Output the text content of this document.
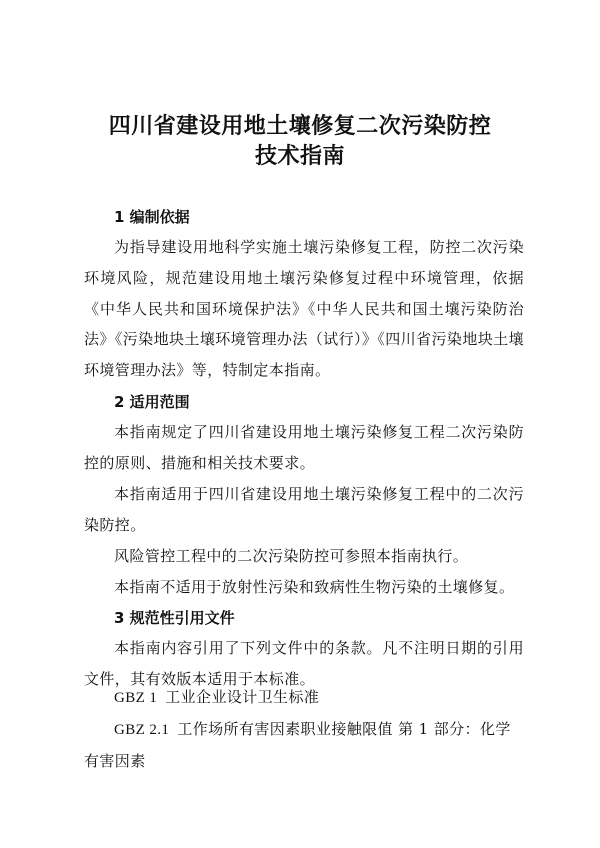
四川省建设用地土壤修复二次污染防控
技术指南
1 编制依据
为指导建设用地科学实施土壤污染修复工程，防控二次污染环境风险，规范建设用地土壤污染修复过程中环境管理，依据《中华人民共和国环境保护法》《中华人民共和国土壤污染防治法》《污染地块土壤环境管理办法（试行）》《四川省污染地块土壤环境管理办法》等，特制定本指南。
2 适用范围
本指南规定了四川省建设用地土壤污染修复工程二次污染防控的原则、措施和相关技术要求。
本指南适用于四川省建设用地土壤污染修复工程中的二次污染防控。
风险管控工程中的二次污染防控可参照本指南执行。
本指南不适用于放射性污染和致病性生物污染的土壤修复。
3 规范性引用文件
本指南内容引用了下列文件中的条款。凡不注明日期的引用文件，其有效版本适用于本标准。
GBZ 1 工业企业设计卫生标准
GBZ 2.1 工作场所有害因素职业接触限值 第 1 部分：化学有害因素
